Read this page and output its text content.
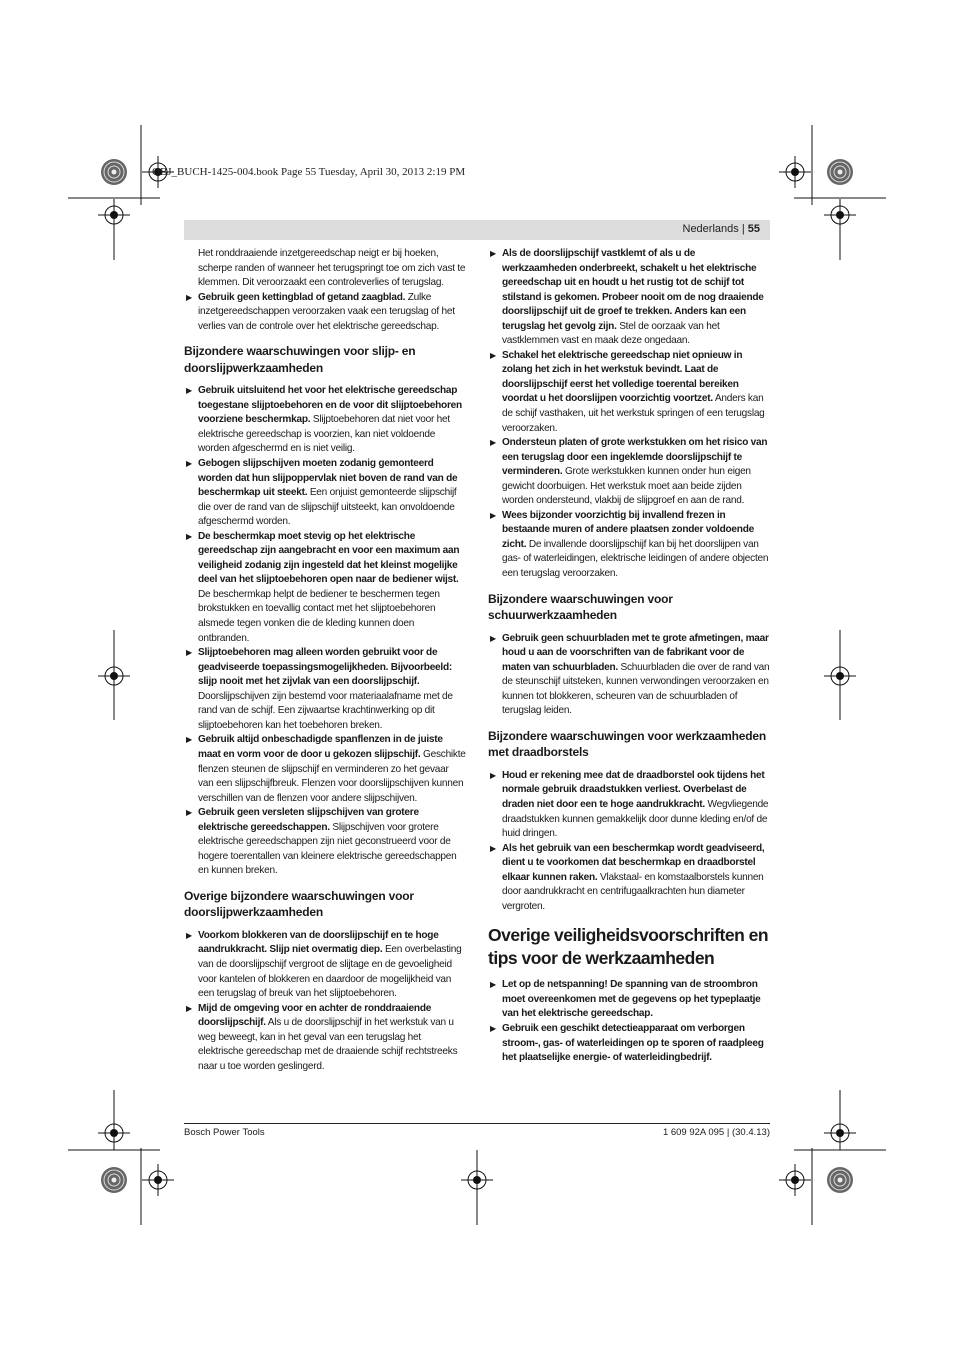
OBJ_BUCH-1425-004.book Page 55 Tuesday, April 30, 2013 2:19 PM
Nederlands | 55

Het ronddraaiende inzetgereedschap neigt er bij hoeken, scherpe randen of wanneer het terugspringt toe om zich vast te klemmen. Dit veroorzaakt een controleverlies of terugslag.

▶ Gebruik geen kettingblad of getand zaagblad. Zulke inzetgereedschappen veroorzaken vaak een terugslag of het verlies van de controle over het elektrische gereedschap.

Bijzondere waarschuwingen voor slijp- en doorslijpwerkzaamheden

▶ Gebruik uitsluitend het voor het elektrische gereedschap toegestane slijptoebehoren en de voor dit slijptoebehoren voorziene beschermkap. Slijptoebehoren dat niet voor het elektrische gereedschap is voorzien, kan niet voldoende worden afgeschermd en is niet veilig.

▶ Gebogen slijpschijven moeten zodanig gemonteerd worden dat hun slijpoppervlak niet boven de rand van de beschermkap uit steekt. Een onjuist gemonteerde slijpschijf die over de rand van de slijpschijf uitsteekt, kan onvoldoende afgeschermd worden.

▶ De beschermkap moet stevig op het elektrische gereedschap zijn aangebracht en voor een maximum aan veiligheid zodanig zijn ingesteld dat het kleinst mogelijke deel van het slijptoebehoren open naar de bediener wijst. De beschermkap helpt de bediener te beschermen tegen brokstukken en toevallig contact met het slijptoebehoren alsmede tegen vonken die de kleding kunnen doen ontbranden.

▶ Slijptoebehoren mag alleen worden gebruikt voor de geadviseerde toepassingsmogelijkheden. Bijvoorbeeld: slijp nooit met het zijvlak van een doorslijpschijf. Doorslijpschijven zijn bestemd voor materiaalafname met de rand van de schijf. Een zijwaartse krachtinwerking op dit slijptoebehoren kan het toebehoren breken.

▶ Gebruik altijd onbeschadigde spanflenzen in de juiste maat en vorm voor de door u gekozen slijpschijf. Geschikte flenzen steunen de slijpschijf en verminderen zo het gevaar van een slijpschijfbreuk. Flenzen voor doorslijpschijven kunnen verschillen van de flenzen voor andere slijpschijven.

▶ Gebruik geen versleten slijpschijven van grotere elektrische gereedschappen. Slijpschijven voor grotere elektrische gereedschappen zijn niet geconstrueerd voor de hogere toerentallen van kleinere elektrische gereedschappen en kunnen breken.

Overige bijzondere waarschuwingen voor doorslijpwerkzaamheden

▶ Voorkom blokkeren van de doorslijpschijf en te hoge aandrukkracht. Slijp niet overmatig diep. Een overbelasting van de doorslijpschijf vergroot de slijtage en de gevoeligheid voor kantelen of blokkeren en daardoor de mogelijkheid van een terugslag of breuk van het slijptoebehoren.

▶ Mijd de omgeving voor en achter de ronddraaiende doorslijpschijf. Als u de doorslijpschijf in het werkstuk van u weg beweegt, kan in het geval van een terugslag het elektrische gereedschap met de draaiende schijf rechtstreeks naar u toe worden geslingerd.

▶ Als de doorslijpschijf vastklemt of als u de werkzaamheden onderbreekt, schakelt u het elektrische gereedschap uit en houdt u het rustig tot de schijf tot stilstand is gekomen. Probeer nooit om de nog draaiende doorslijpschijf uit de groef te trekken. Anders kan een terugslag het gevolg zijn. Stel de oorzaak van het vastklemmen vast en maak deze ongedaan.

▶ Schakel het elektrische gereedschap niet opnieuw in zolang het zich in het werkstuk bevindt. Laat de doorslijpschijf eerst het volledige toerental bereiken voordat u het doorslijpen voorzichtig voortzet. Anders kan de schijf vasthaken, uit het werkstuk springen of een terugslag veroorzaken.

▶ Ondersteun platen of grote werkstukken om het risico van een terugslag door een ingeklemde doorslijpschijf te verminderen. Grote werkstukken kunnen onder hun eigen gewicht doorbuigen. Het werkstuk moet aan beide zijden worden ondersteund, vlakbij de slijpgroef en aan de rand.

▶ Wees bijzonder voorzichtig bij invallend frezen in bestaande muren of andere plaatsen zonder voldoende zicht. De invallende doorslijpschijf kan bij het doorslijpen van gas- of waterleidingen, elektrische leidingen of andere objecten een terugslag veroorzaken.

Bijzondere waarschuwingen voor schuurwerkzaamheden

▶ Gebruik geen schuurbladen met te grote afmetingen, maar houd u aan de voorschriften van de fabrikant voor de maten van schuurbladen. Schuurbladen die over de rand van de steunschijf uitsteken, kunnen verwondingen veroorzaken en kunnen tot blokkeren, scheuren van de schuurbladen of terugslag leiden.

Bijzondere waarschuwingen voor werkzaamheden met draadborstels

▶ Houd er rekening mee dat de draadborstel ook tijdens het normale gebruik draadstukken verliest. Overbelast de draden niet door een te hoge aandrukkracht. Wegvliegende draadstukken kunnen gemakkelijk door dunne kleding en/of de huid dringen.

▶ Als het gebruik van een beschermkap wordt geadviseerd, dient u te voorkomen dat beschermkap en draadborstel elkaar kunnen raken. Vlakstaal- en komstaalborstels kunnen door aandrukkracht en centrifugaalkrachten hun diameter vergroten.

Overige veiligheidsvoorschriften en tips voor de werkzaamheden

▶ Let op de netspanning! De spanning van de stroombron moet overeenkomen met de gegevens op het typeplaatje van het elektrische gereedschap.

▶ Gebruik een geschikt detectieapparaat om verborgen stroom-, gas- of waterleidingen op te sporen of raadpleeg het plaatselijke energie- of waterleidingbedrijf.

Bosch Power Tools	1 609 92A 095 | (30.4.13)
